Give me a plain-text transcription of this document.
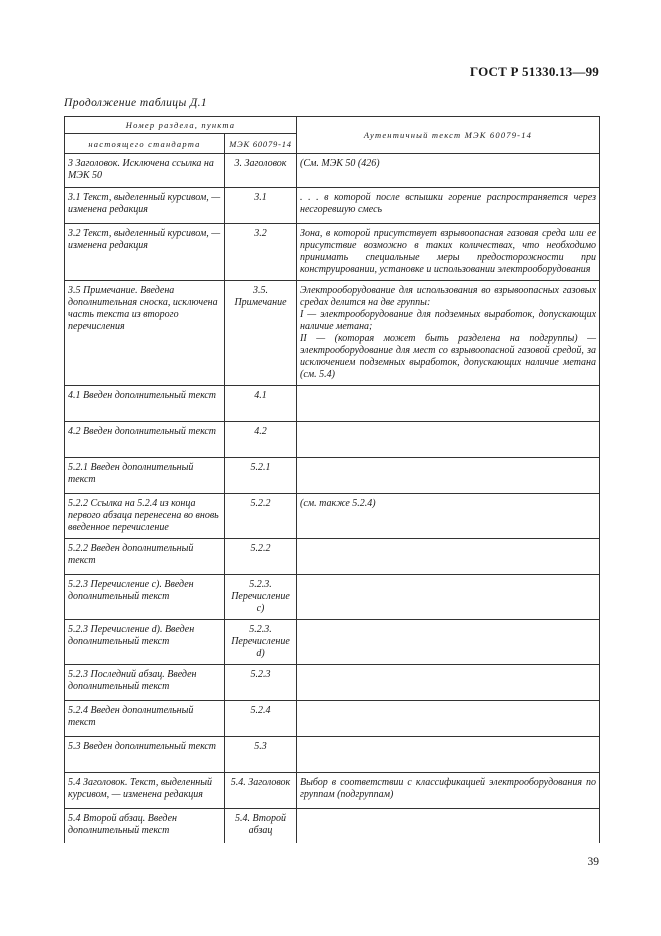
ГОСТ Р 51330.13—99
Продолжение таблицы Д.1
Номер раздела, пункта		Аутентичный текст МЭК 60079-14
настоящего стандарта	МЭК 60079-14	
3 Заголовок. Исключена ссылка на МЭК 50	3. Заголовок	(См. МЭК 50 (426)

3.1 Текст, выделенный курсивом, — изменена редакция	3.1	. . . в которой после вспышки горение распространяется через несгоревшую смесь

3.2 Текст, выделенный курсивом, — изменена редакция	3.2	Зона, в которой присутствует взрывоопасная газовая среда или ее присутствие возможно в таких количествах, что необходимо принимать специальные меры предосторожности при конструировании, установке и использовании электрооборудования

3.5 Примечание. Введена дополнительная сноска, исключена часть текста из второго перечисления	3.5. Примечание	Электрооборудование для использования во взрывоопасных газовых средах делится на две группы:
I — электрооборудование для подземных выработок, допускающих наличие метана;
II — (которая может быть разделена на подгруппы) — электрооборудование для мест со взрывоопасной газовой средой, за исключением подземных выработок, допускающих наличие метана (см. 5.4)

4.1 Введен дополнительный текст	4.1	
4.2 Введен дополнительный текст	4.2	
5.2.1 Введен дополнительный текст	5.2.1	
5.2.2 Ссылка на 5.2.4 из конца первого абзаца перенесена во вновь введенное перечисление	5.2.2	(см. также 5.2.4)

5.2.2 Введен дополнительный текст	5.2.2	
5.2.3 Перечисление с). Введен дополнительный текст	5.2.3. Перечисление с)	
5.2.3 Перечисление d). Введен дополнительный текст	5.2.3. Перечисление d)	
5.2.3 Последний абзац. Введен дополнительный текст	5.2.3	
5.2.4 Введен дополнительный текст	5.2.4	
5.3 Введен дополнительный текст	5.3	
5.4 Заголовок. Текст, выделенный курсивом, — изменена редакция	5.4. Заголовок	Выбор в соответствии с классификацией электрооборудования по группам (подгруппам)

5.4 Второй абзац. Введен дополнительный текст	5.4. Второй абзац	
39
